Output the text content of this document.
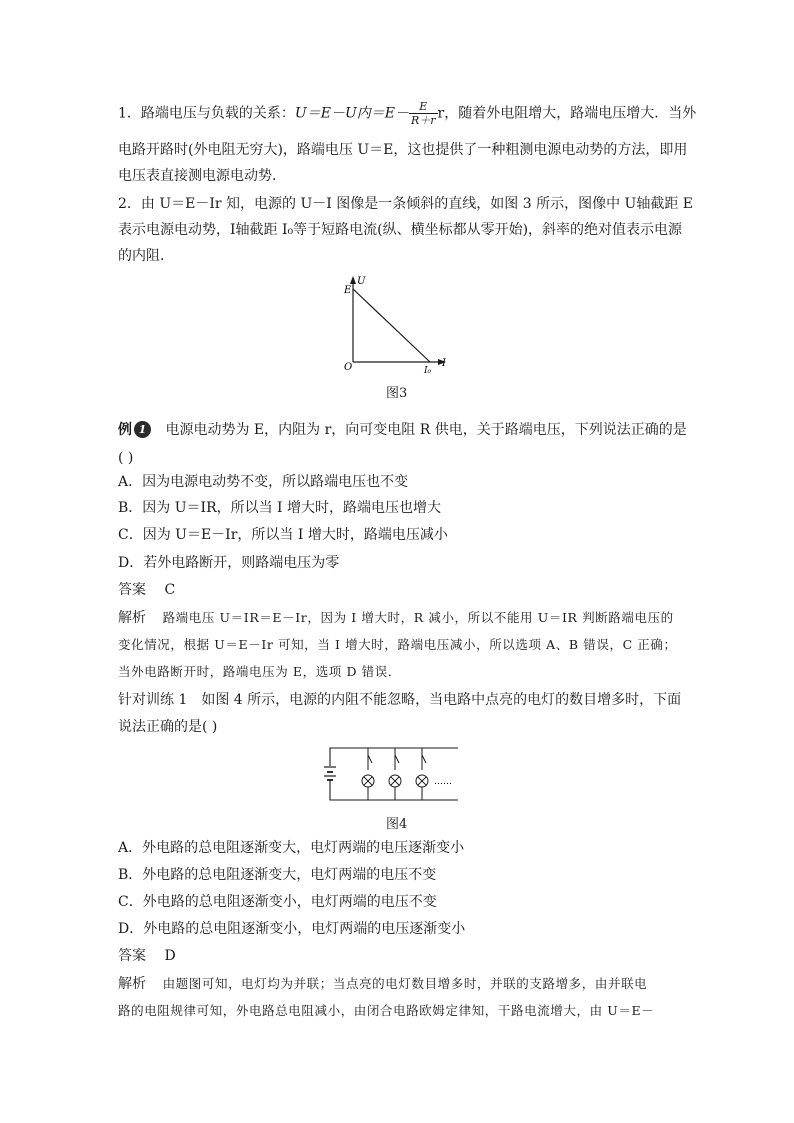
1．路端电压与负载的关系：U＝E－U内$=E- \frac{E}{R+r}$ r，随着外电阻增大，路端电压增大．当外
电路开路时(外电阻无穷大)，路端电压 U＝E，这也提供了一种粗测电源电动势的方法，即用
电压表直接测电源电动势．
2．由 U＝E－Ir 知，电源的 U－I 图像是一条倾斜的直线，如图 3 所示，图像中 U轴截距 E
表示电源电动势，I轴截距 I₀等于短路电流(纵、横坐标都从零开始)，斜率的绝对值表示电源
的内阻．
U
E
O	I₀
I
图3
例 1 电源电动势为 E，内阻为 r，向可变电阻 R 供电，关于路端电压，下列说法正确的是
( )
A．因为电源电动势不变，所以路端电压也不变
B．因为 U＝IR，所以当 I 增大时，路端电压也增大
C．因为 U＝E－Ir，所以当 I 增大时，路端电压减小
D．若外电路断开，则路端电压为零
答案 C
解析 路端电压 U＝IR＝E－Ir，因为 I 增大时，R 减小，所以不能用 U＝IR 判断路端电压的
变化情况，根据 U＝E－Ir 可知，当 I 增大时，路端电压减小，所以选项 A、B 错误，C 正确；
当外电路断开时，路端电压为 E，选项 D 错误．
针对训练 1　如图 4 所示，电源的内阻不能忽略，当电路中点亮的电灯的数目增多时，下面
说法正确的是( )
……
图4
A．外电路的总电阻逐渐变大，电灯两端的电压逐渐变小
B．外电路的总电阻逐渐变大，电灯两端的电压不变
C．外电路的总电阻逐渐变小，电灯两端的电压不变
D．外电路的总电阻逐渐变小，电灯两端的电压逐渐变小
答案 D
解析 由题图可知，电灯均为并联；当点亮的电灯数目增多时，并联的支路增多，由并联电
路的电阻规律可知，外电路总电阻减小，由闭合电路欧姆定律知，干路电流增大，由 U＝E－
